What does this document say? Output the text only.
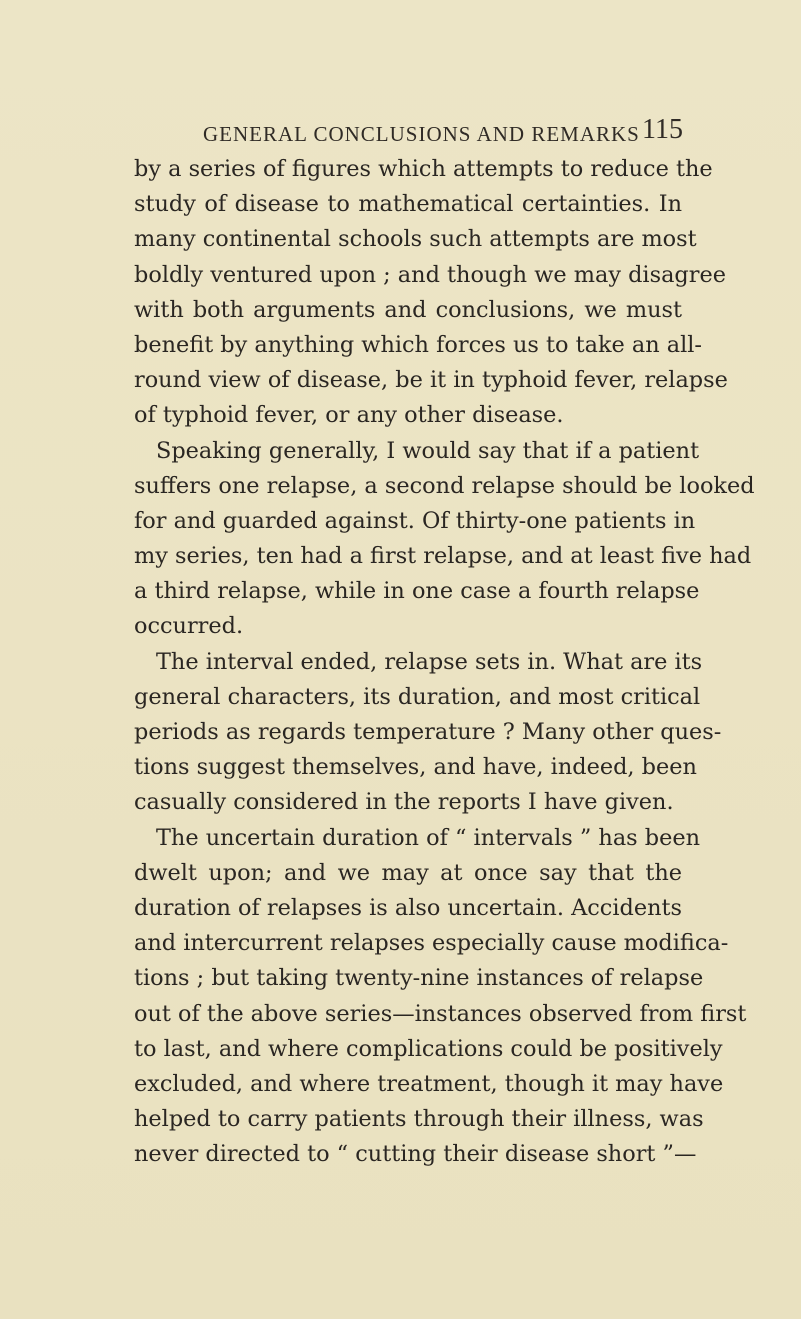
GENERAL CONCLUSIONS AND REMARKS 115
by a series of figures which attempts to reduce the
study of disease to mathematical certainties. In
many continental schools such attempts are most
boldly ventured upon ; and though we may disagree
with both arguments and conclusions, we must
benefit by anything which forces us to take an all-
round view of disease, be it in typhoid fever, relapse
of typhoid fever, or any other disease.
Speaking generally, I would say that if a patient
suffers one relapse, a second relapse should be looked
for and guarded against. Of thirty-one patients in
my series, ten had a first relapse, and at least five had
a third relapse, while in one case a fourth relapse
occurred.
The interval ended, relapse sets in. What are its
general characters, its duration, and most critical
periods as regards temperature ? Many other ques-
tions suggest themselves, and have, indeed, been
casually considered in the reports I have given.
The uncertain duration of “ intervals ” has been
dwelt upon; and we may at once say that the
duration of relapses is also uncertain. Accidents
and intercurrent relapses especially cause modifica-
tions ; but taking twenty-nine instances of relapse
out of the above series—instances observed from first
to last, and where complications could be positively
excluded, and where treatment, though it may have
helped to carry patients through their illness, was
never directed to “ cutting their disease short ”—
